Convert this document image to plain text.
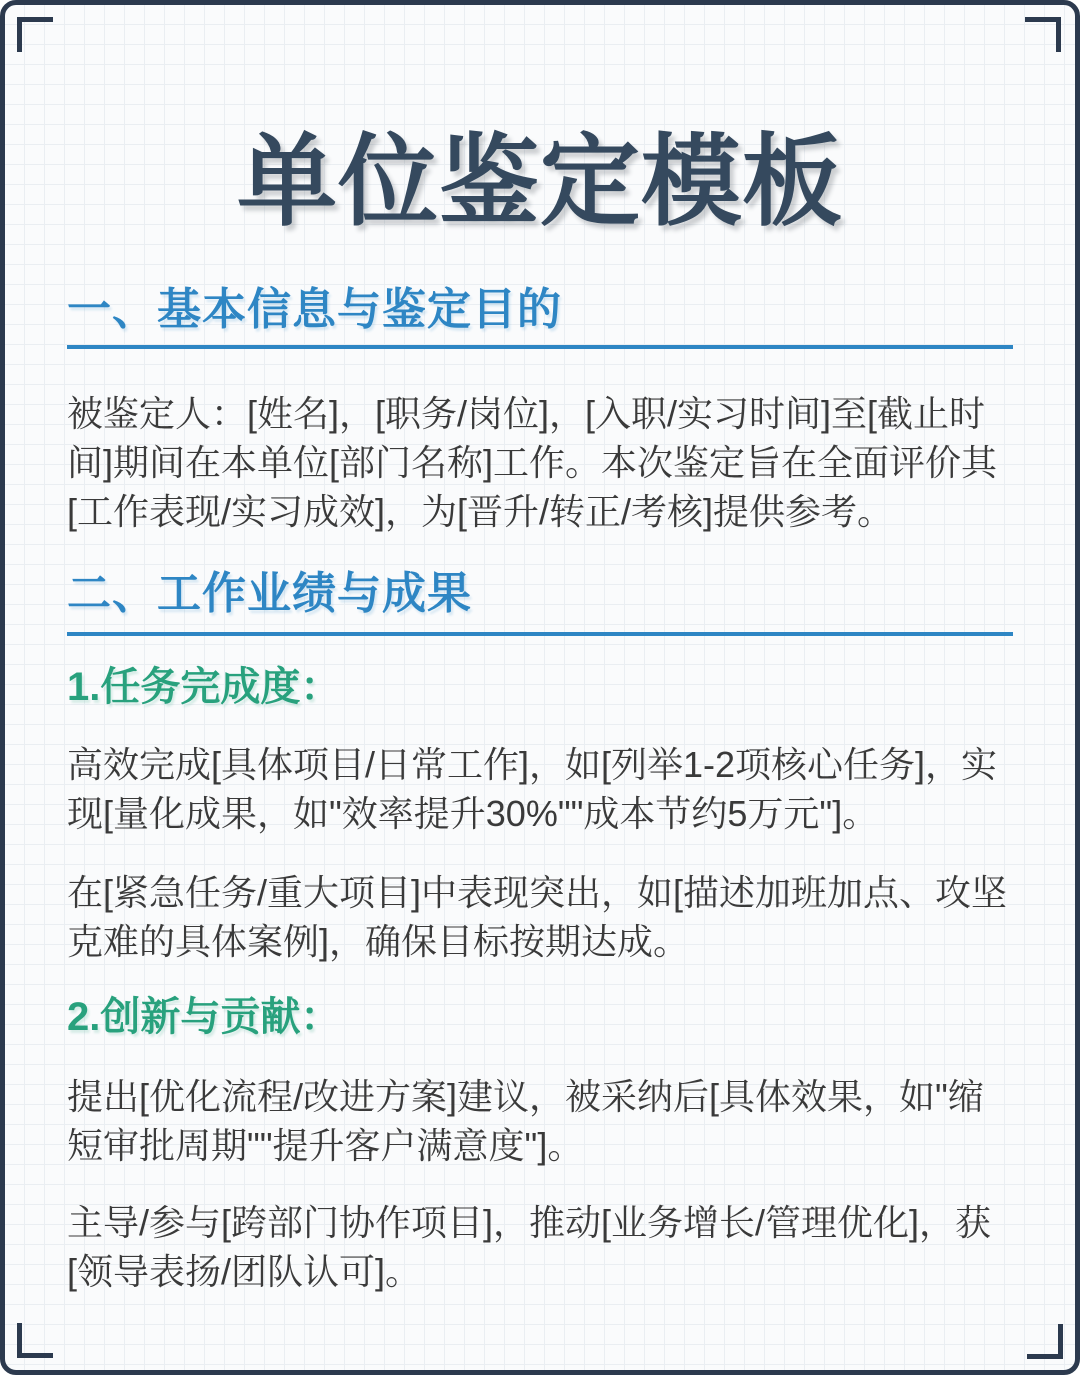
单位鉴定模板
一、基本信息与鉴定目的

被鉴定人：[姓名]，[职务/岗位]，[入职/实习时间]至[截止时间]期间在本单位[部门名称]工作。本次鉴定旨在全面评价其[工作表现/实习成效]，为[晋升/转正/考核]提供参考。

二、工作业绩与成果
1.任务完成度：

高效完成[具体项目/日常工作]，如[列举1-2项核心任务]，实现[量化成果，如"效率提升30%""成本节约5万元"]。

在[紧急任务/重大项目]中表现突出，如[描述加班加点、攻坚克难的具体案例]，确保目标按期达成。

2.创新与贡献：

提出[优化流程/改进方案]建议，被采纳后[具体效果，如"缩短审批周期""提升客户满意度"]。

主导/参与[跨部门协作项目]，推动[业务增长/管理优化]，获[领导表扬/团队认可]。
